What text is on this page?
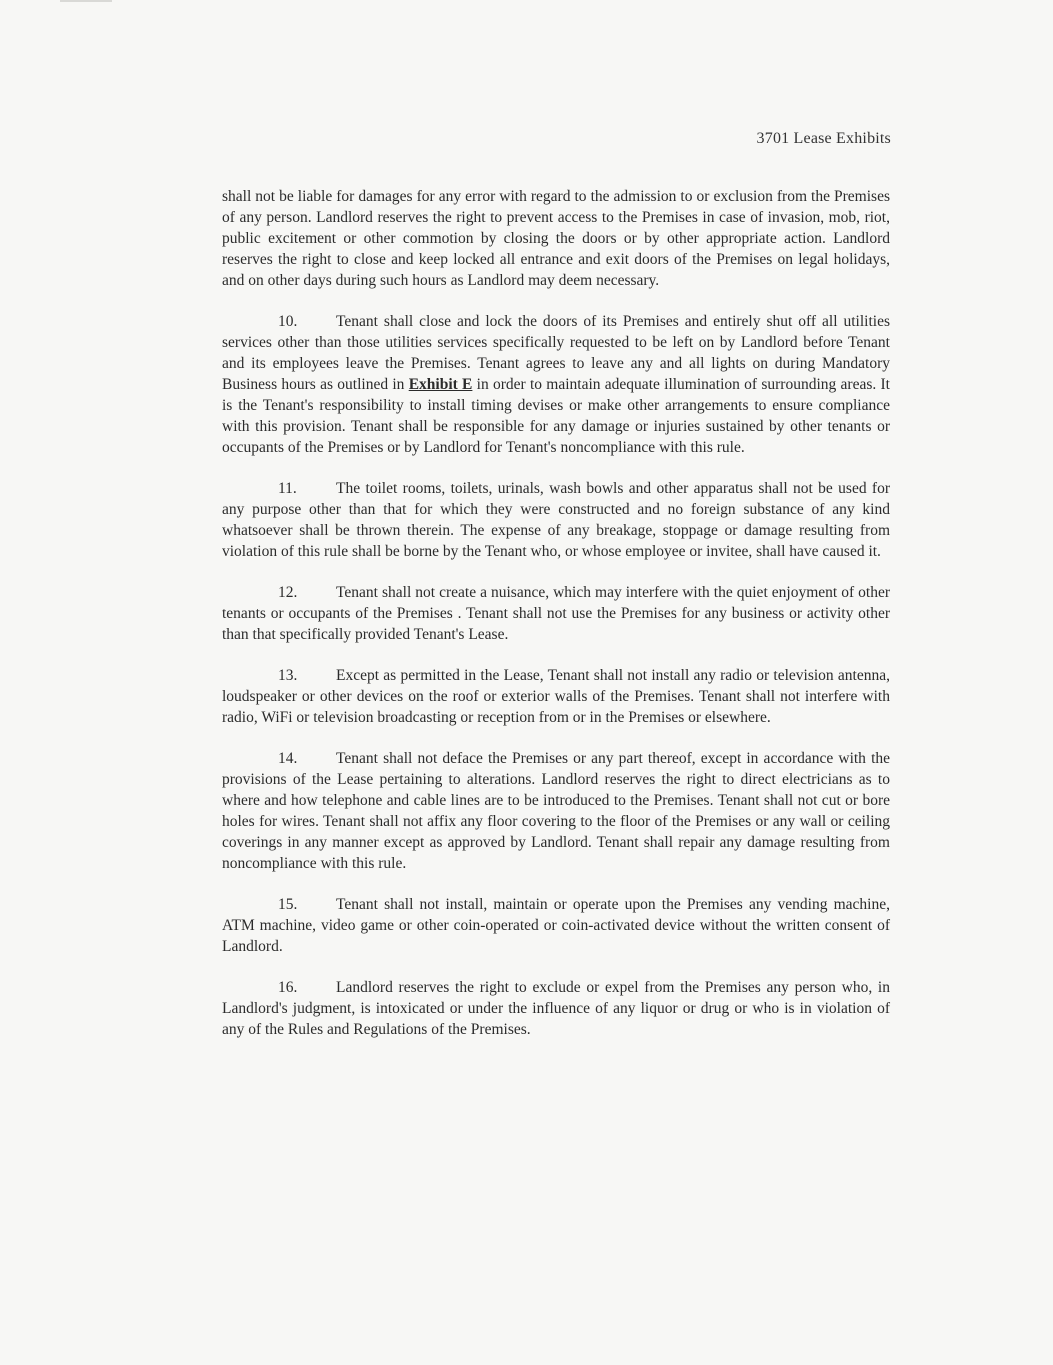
3701 Lease Exhibits

shall not be liable for damages for any error with regard to the admission to or exclusion from the Premises of any person. Landlord reserves the right to prevent access to the Premises in case of invasion, mob, riot, public excitement or other commotion by closing the doors or by other appropriate action. Landlord reserves the right to close and keep locked all entrance and exit doors of the Premises on legal holidays, and on other days during such hours as Landlord may deem necessary.

10. Tenant shall close and lock the doors of its Premises and entirely shut off all utilities services other than those utilities services specifically requested to be left on by Landlord before Tenant and its employees leave the Premises. Tenant agrees to leave any and all lights on during Mandatory Business hours as outlined in Exhibit E in order to maintain adequate illumination of surrounding areas. It is the Tenant's responsibility to install timing devises or make other arrangements to ensure compliance with this provision. Tenant shall be responsible for any damage or injuries sustained by other tenants or occupants of the Premises or by Landlord for Tenant's noncompliance with this rule.

11.	The toilet rooms, toilets, urinals, wash bowls and other apparatus shall not be used for any purpose other than that for which they were constructed and no foreign substance of any kind whatsoever shall be thrown therein. The expense of any breakage, stoppage or damage resulting from violation of this rule shall be borne by the Tenant who, or whose employee or invitee, shall have caused it.

12. Tenant shall not create a nuisance, which may interfere with the quiet enjoyment of other tenants or occupants of the Premises . Tenant shall not use the Premises for any business or activity other than that specifically provided Tenant's Lease.

13. Except as permitted in the Lease, Tenant shall not install any radio or television antenna, loudspeaker or other devices on the roof or exterior walls of the Premises. Tenant shall not interfere with radio, WiFi or television broadcasting or reception from or in the Premises or elsewhere.

14. Tenant shall not deface the Premises or any part thereof, except in accordance with the provisions of the Lease pertaining to alterations. Landlord reserves the right to direct electricians as to where and how telephone and cable lines are to be introduced to the Premises. Tenant shall not cut or bore holes for wires. Tenant shall not affix any floor covering to the floor of the Premises or any wall or ceiling coverings in any manner except as approved by Landlord. Tenant shall repair any damage resulting from noncompliance with this rule.

15. Tenant shall not install, maintain or operate upon the Premises any vending machine, ATM machine, video game or other coin-operated or coin-activated device without the written consent of Landlord.

16. Landlord reserves the right to exclude or expel from the Premises any person who, in Landlord's judgment, is intoxicated or under the influence of any liquor or drug or who is in violation of any of the Rules and Regulations of the Premises.
